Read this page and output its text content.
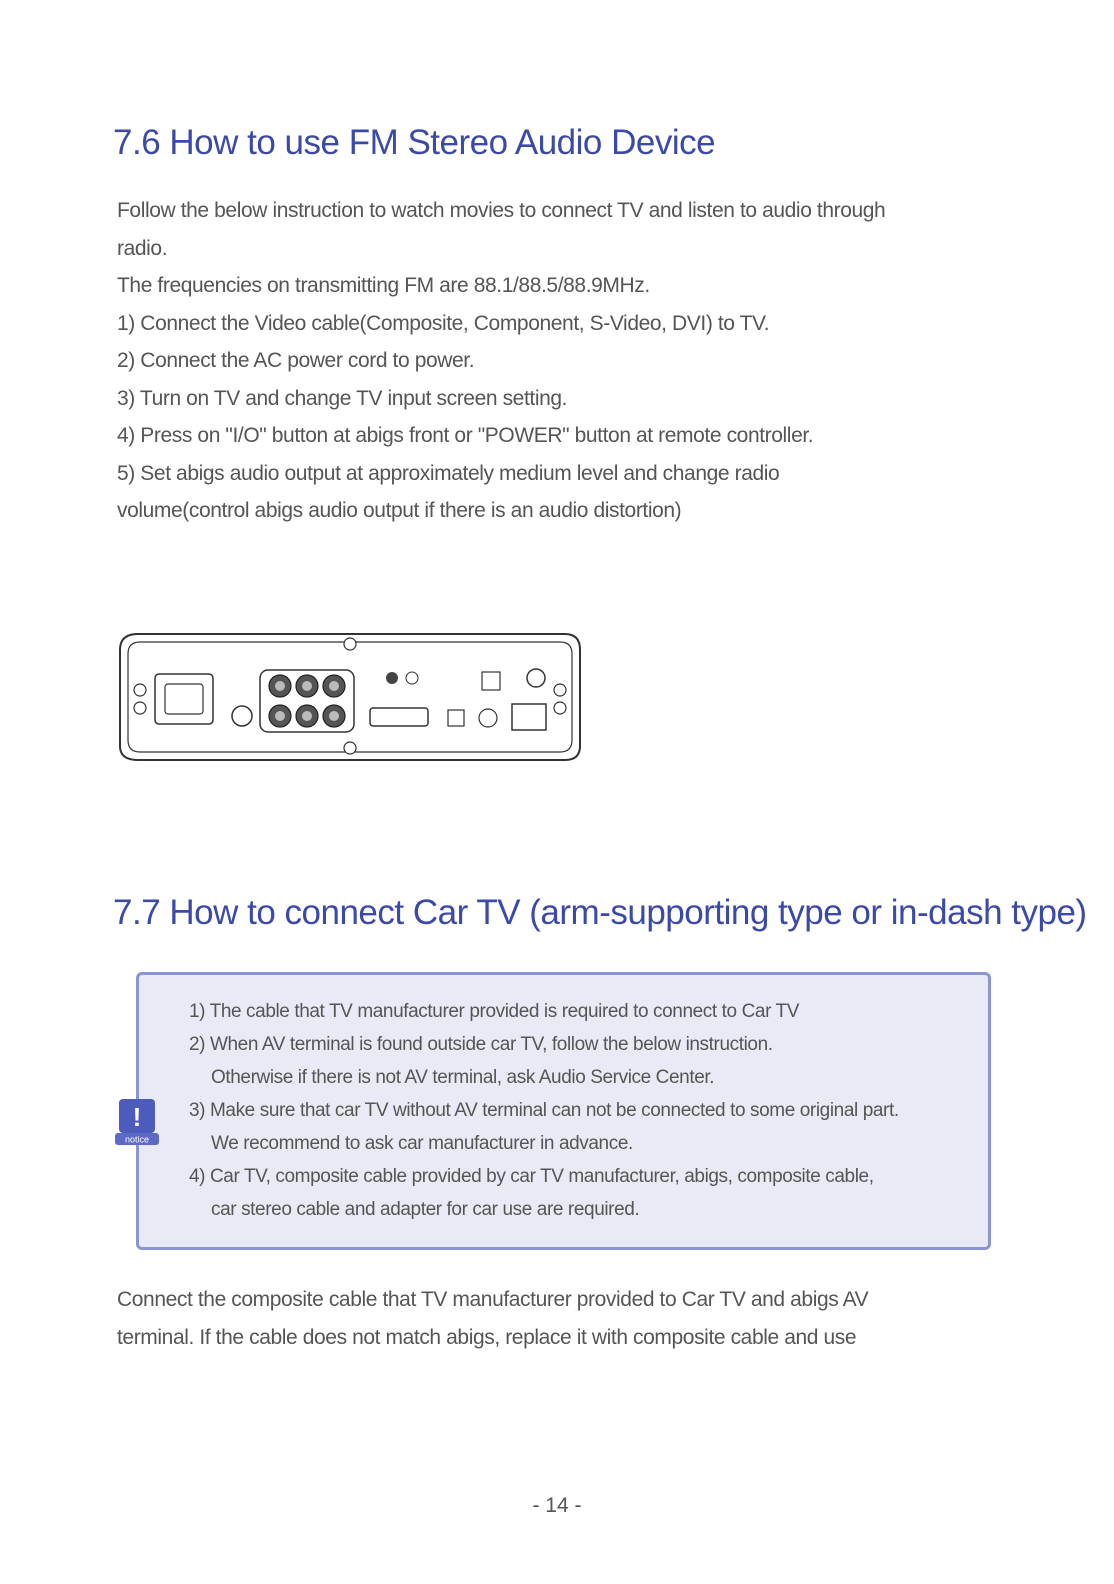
7.6 How to use FM Stereo Audio Device

Follow the below instruction to watch movies to connect TV and listen to audio through

radio.

The frequencies on transmitting FM are 88.1/88.5/88.9MHz.

1) Connect the Video cable(Composite, Component, S-Video, DVI) to TV.

2) Connect the AC power cord to power.

3) Turn on TV and change TV input screen setting.

4) Press on "I/O" button at abigs front or "POWER" button at remote controller.

5) Set abigs audio output at approximately medium level and change radio

volume(control abigs audio output if there is an audio distortion)

7.7 How to connect Car TV (arm-supporting type or in-dash type)
1) The cable that TV manufacturer provided is required to connect to Car TV
2) When AV terminal is found outside car TV, follow the below instruction.
Otherwise if there is not AV terminal, ask Audio Service Center.
3) Make sure that car TV without AV terminal can not be connected to some original part.
We recommend to ask car manufacturer in advance.
4) Car TV, composite cable provided by car TV manufacturer, abigs, composite cable,
car stereo cable and adapter for car use are required.
!
notice

Connect the composite cable that TV manufacturer provided to Car TV and abigs AV

terminal. If the cable does not match abigs, replace it with composite cable and use

- 14 -
